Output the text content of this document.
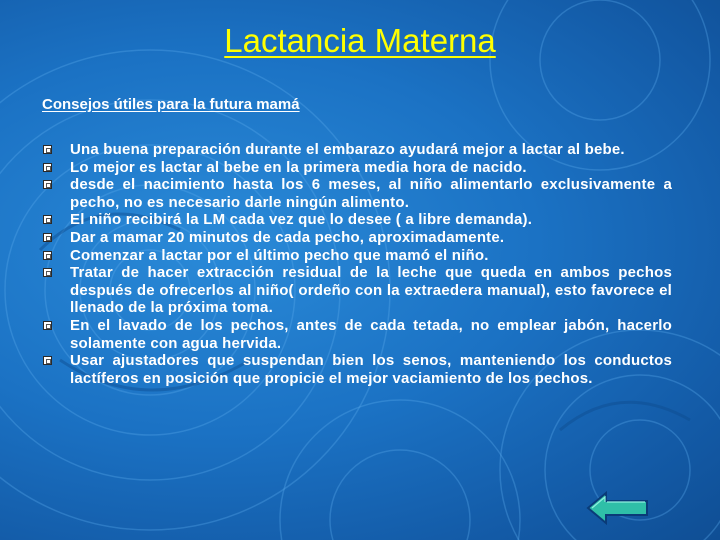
Lactancia Materna

Consejos útiles para la futura mamá

Una buena preparación durante el embarazo ayudará mejor a lactar al bebe.
Lo mejor es lactar al bebe en la primera media hora de nacido.
desde el nacimiento hasta los 6 meses, al niño alimentarlo exclusivamente a pecho, no es necesario darle ningún alimento.
El niño recibirá la LM cada vez que lo desee ( a libre demanda).
Dar a mamar 20 minutos de cada pecho, aproximadamente.
Comenzar a lactar por el último pecho que mamó el niño.
Tratar de hacer extracción residual de la leche que queda en ambos pechos después de ofrecerlos al niño( ordeño con la extraedera manual), esto favorece el llenado de la próxima toma.
En el lavado de los pechos, antes de cada tetada, no emplear jabón, hacerlo solamente con agua hervida.
Usar ajustadores que suspendan bien los senos, manteniendo los conductos lactíferos en posición que propicie el mejor vaciamiento de los pechos.
